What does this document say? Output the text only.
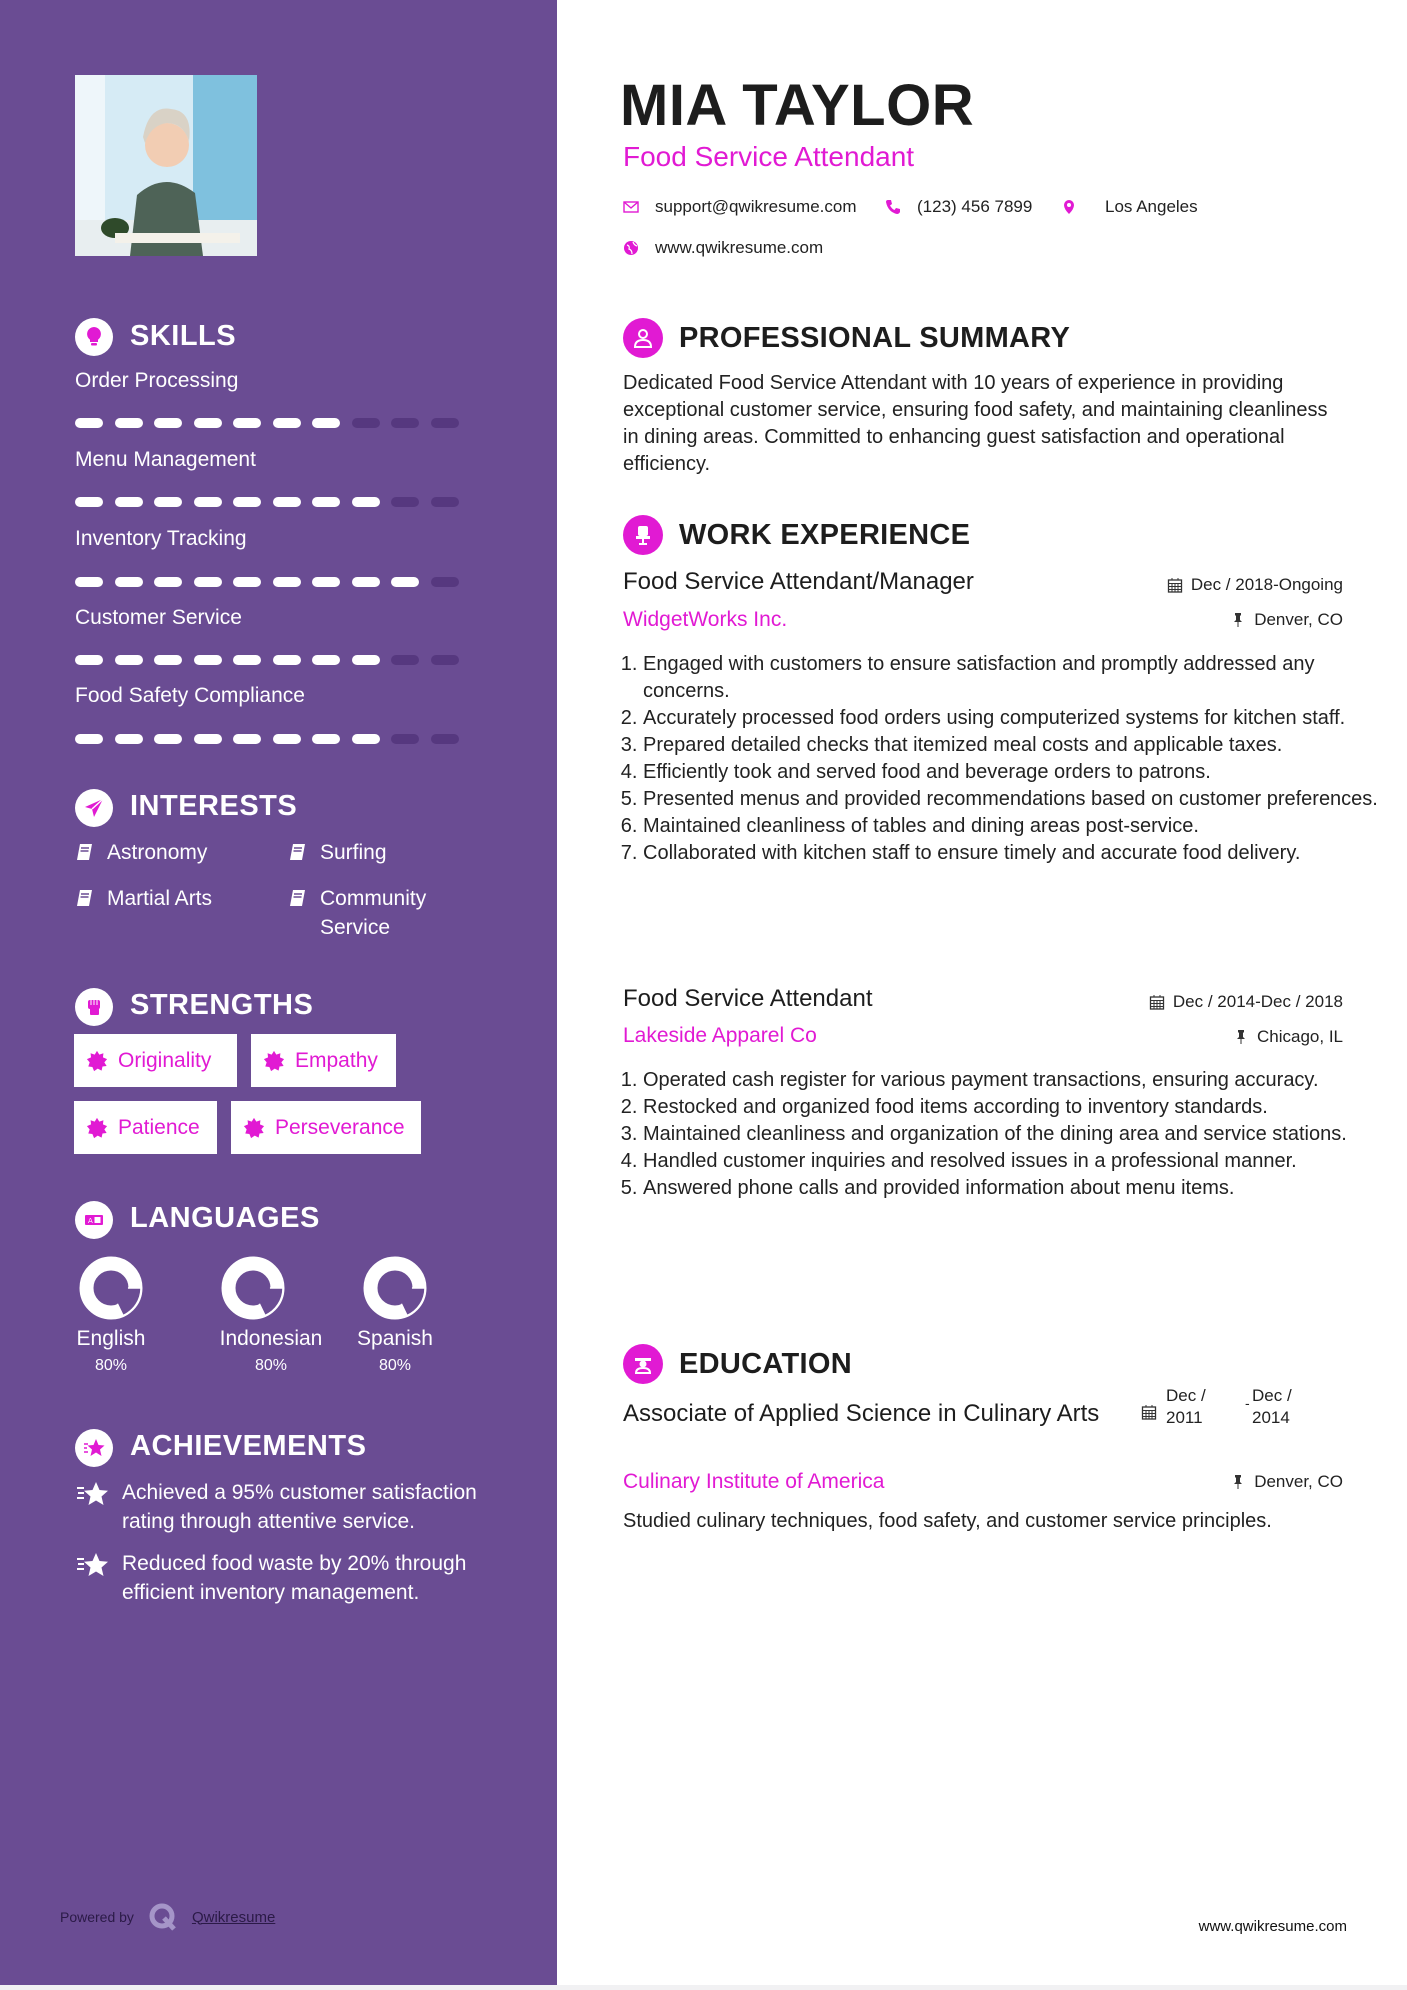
SKILLS
Order Processing
Menu Management
Inventory Tracking
Customer Service
Food Safety Compliance
INTERESTS
Astronomy	Surfing
Martial Arts	Community Service
STRENGTHS
Originality	Empathy
Patience	Perseverance
A LANGUAGES
English
80%
Indonesian
80%
Spanish
80%
ACHIEVEMENTS
Achieved a 95% customer satisfaction rating through attentive service.
Reduced food waste by 20% through efficient inventory management.
Powered by	Qwikresume
MIA TAYLOR
Food Service Attendant
support@qwikresume.com	(123) 456 7899	Los Angeles
www.qwikresume.com
PROFESSIONAL SUMMARY
Dedicated Food Service Attendant with 10 years of experience in providing exceptional customer service, ensuring food safety, and maintaining cleanliness in dining areas. Committed to enhancing guest satisfaction and operational efficiency.
WORK EXPERIENCE
Food Service Attendant/Manager
WidgetWorks Inc.
Dec / 2018-Ongoing
Denver, CO
1. Engaged with customers to ensure satisfaction and promptly addressed any concerns.
2. Accurately processed food orders using computerized systems for kitchen staff.
3. Prepared detailed checks that itemized meal costs and applicable taxes.
4. Efficiently took and served food and beverage orders to patrons.
5. Presented menus and provided recommendations based on customer preferences.
6. Maintained cleanliness of tables and dining areas post-service.
7. Collaborated with kitchen staff to ensure timely and accurate food delivery.
Food Service Attendant
Lakeside Apparel Co
Dec / 2014-Dec / 2018
Chicago, IL
1. Operated cash register for various payment transactions, ensuring accuracy.
2. Restocked and organized food items according to inventory standards.
3. Maintained cleanliness and organization of the dining area and service stations.
4. Handled customer inquiries and resolved issues in a professional manner.
5. Answered phone calls and provided information about menu items.
EDUCATION
Associate of Applied Science in Culinary Arts
Culinary Institute of America
Dec /
2011
- Dec /
2014
Denver, CO
Studied culinary techniques, food safety, and customer service principles.
www.qwikresume.com
